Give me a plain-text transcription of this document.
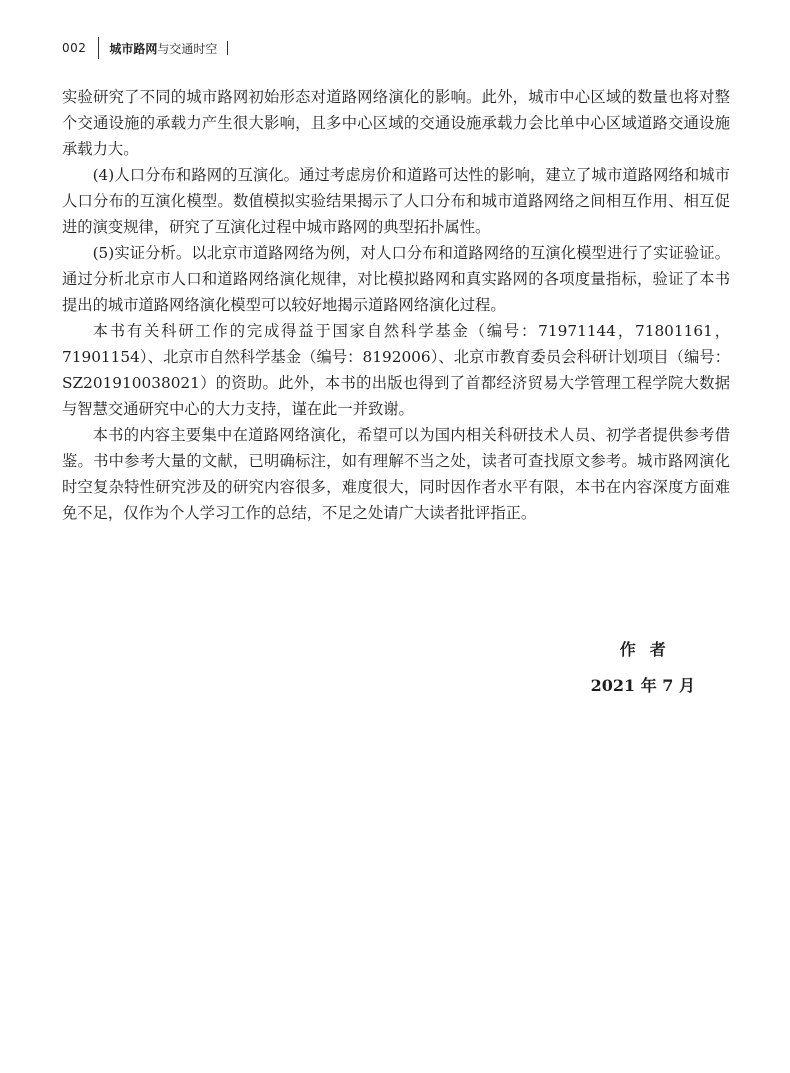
002 城市路网与交通时空

实验研究了不同的城市路网初始形态对道路网络演化的影响。此外，城市中心区域的数量也将对整个交通设施的承载力产生很大影响，且多中心区域的交通设施承载力会比单中心区域道路交通设施承载力大。

(4)人口分布和路网的互演化。通过考虑房价和道路可达性的影响，建立了城市道路网络和城市人口分布的互演化模型。数值模拟实验结果揭示了人口分布和城市道路网络之间相互作用、相互促进的演变规律，研究了互演化过程中城市路网的典型拓扑属性。

(5)实证分析。以北京市道路网络为例，对人口分布和道路网络的互演化模型进行了实证验证。通过分析北京市人口和道路网络演化规律，对比模拟路网和真实路网的各项度量指标，验证了本书提出的城市道路网络演化模型可以较好地揭示道路网络演化过程。

本书有关科研工作的完成得益于国家自然科学基金（编号：71971144，71801161，71901154）、北京市自然科学基金（编号：8192006）、北京市教育委员会科研计划项目（编号：SZ201910038021）的资助。此外，本书的出版也得到了首都经济贸易大学管理工程学院大数据与智慧交通研究中心的大力支持，谨在此一并致谢。

本书的内容主要集中在道路网络演化，希望可以为国内相关科研技术人员、初学者提供参考借鉴。书中参考大量的文献，已明确标注，如有理解不当之处，读者可查找原文参考。城市路网演化时空复杂特性研究涉及的研究内容很多，难度很大，同时因作者水平有限，本书在内容深度方面难免不足，仅作为个人学习工作的总结，不足之处请广大读者批评指正。

作者
2021 年 7 月
